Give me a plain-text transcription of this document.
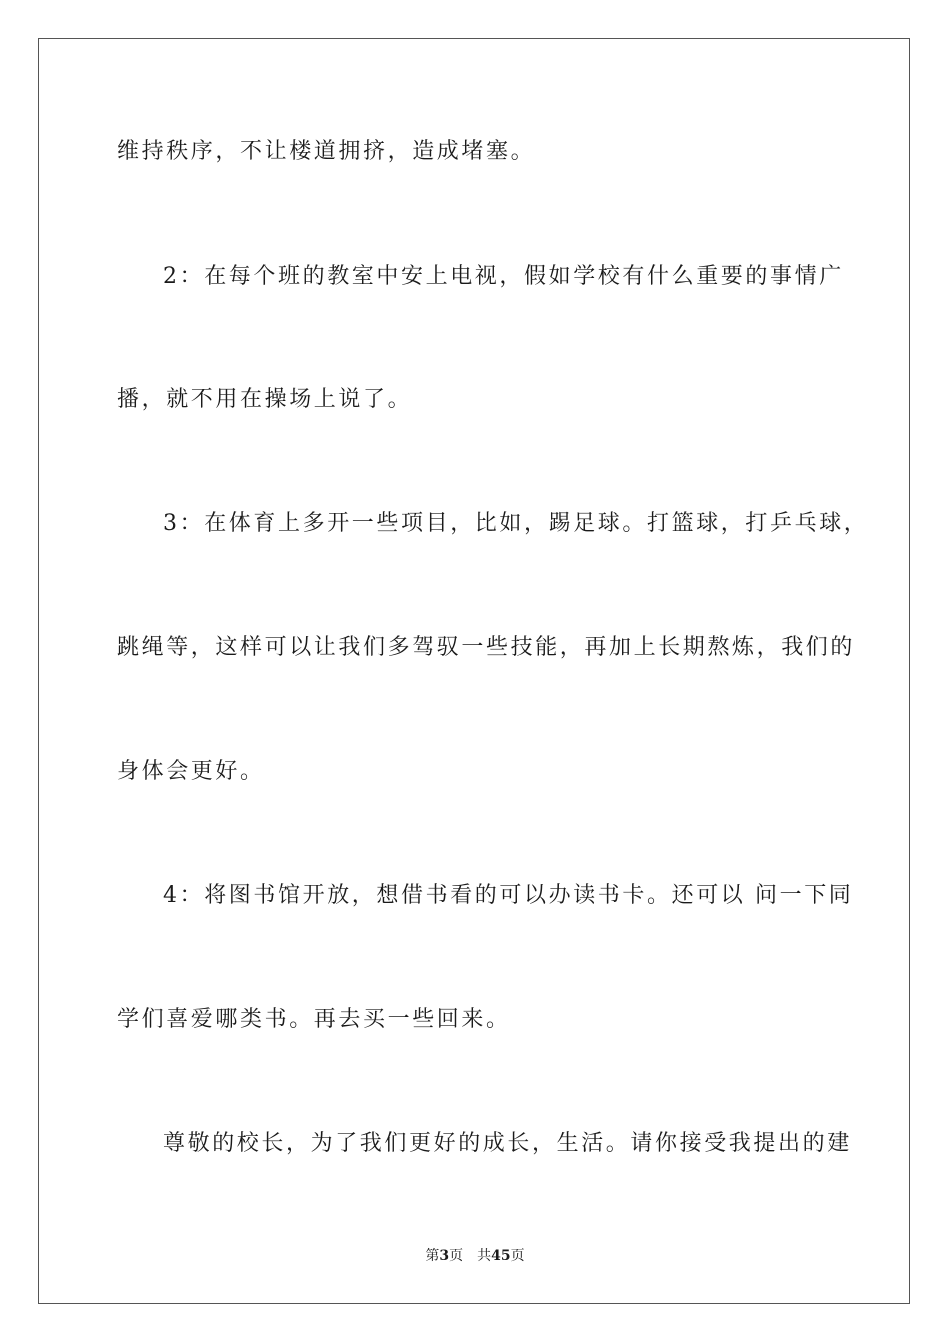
维持秩序，不让楼道拥挤，造成堵塞。

2：在每个班的教室中安上电视，假如学校有什么重要的事情广

播，就不用在操场上说了。

3：在体育上多开一些项目，比如，踢足球。打篮球，打乒乓球，

跳绳等，这样可以让我们多驾驭一些技能，再加上长期熬炼，我们的

身体会更好。

4：将图书馆开放，想借书看的可以办读书卡。还可以 问一下同

学们喜爱哪类书。再去买一些回来。

尊敬的校长，为了我们更好的成长，生活。请你接受我提出的建

第3页 共45页
